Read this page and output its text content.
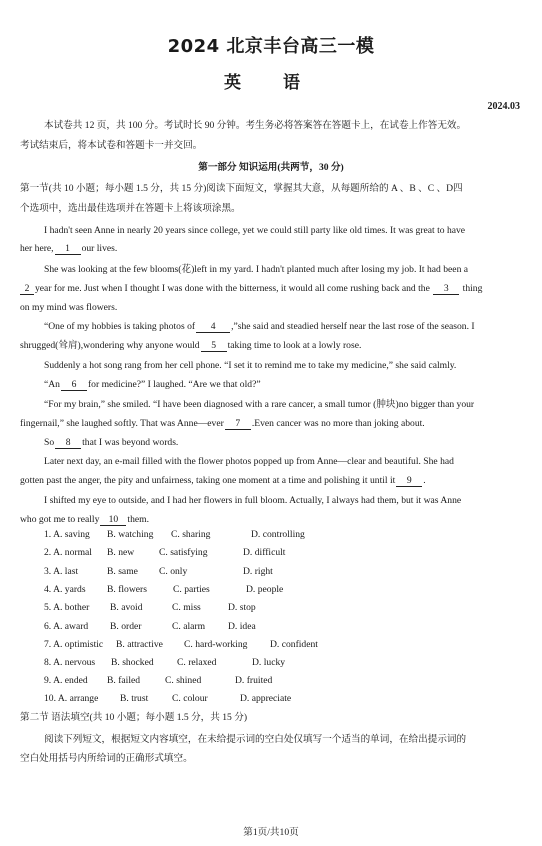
2024 北京丰台高三一模
英 语
2024.03
本试卷共 12 页，共 100 分。考试时长 90 分钟。考生务必将答案答在答题卡上，在试卷上作答无效。
考试结束后，将本试卷和答题卡一并交回。
第一部分 知识运用(共两节，30 分)
第一节(共 10 小题；每小题 1.5 分，共 15 分)阅读下面短文，掌握其大意，从每题所给的 A 、B 、C 、D四
个选项中，选出最佳选项并在答题卡上将该项涂黑。
I hadn't seen Anne in nearly 20 years since college, yet we could still party like old times. It was great to have
her here, 1 our lives.
She was looking at the few blooms(花)left in my yard. I hadn't planted much after losing my job. It had been a
2 year for me. Just when I thought I was done with the bitterness, it would all come rushing back and the 3 thing
on my mind was flowers.
“One of my hobbies is taking photos of 4 ,”she said and steadied herself near the last rose of the season. I
shrugged(耸肩),wondering why anyone would 5 taking time to look at a lowly rose.
Suddenly a hot song rang from her cell phone. “I set it to remind me to take my medicine,” she said calmly.
“An 6 for medicine?” I laughed. “Are we that old?”
“For my brain,” she smiled. “I have been diagnosed with a rare cancer, a small tumor (肿块)no bigger than your
fingernail,” she laughed softly. That was Anne—ever 7 .Even cancer was no more than joking about.
So 8 that I was beyond words.
Later next day, an e-mail filled with the flower photos popped up from Anne—clear and beautiful. She had
gotten past the anger, the pity and unfairness, taking one moment at a time and polishing it until it 9 .
I shifted my eye to outside, and I had her flowers in full bloom. Actually, I always had them, but it was Anne
who got me to really 10 them.
1. A. saving B. watching C. sharing	D. controlling
2. A. normal B. new	C. satisfying	D. difficult
3. A. last	B. same C. only	D. right
4. A. yards B. flowers	C. parties	D. people
5. A. bother B. avoid	C. miss	D. stop
6. A. award B. order	C. alarm D. idea
7. A. optimistic B. attractive C. hard-working D. confident
8. A. nervous B. shocked C. relaxed	D. lucky
9. A. ended B. failed	C. shined	D. fruited
10. A. arrange B. trust C. colour	D. appreciate
第二节 语法填空(共 10 小题；每小题 1.5 分，共 15 分)
阅读下列短文，根据短文内容填空，在未给提示词的空白处仅填写一个适当的单词，在给出提示词的
空白处用括号内所给词的正确形式填空。
第1页/共10页
